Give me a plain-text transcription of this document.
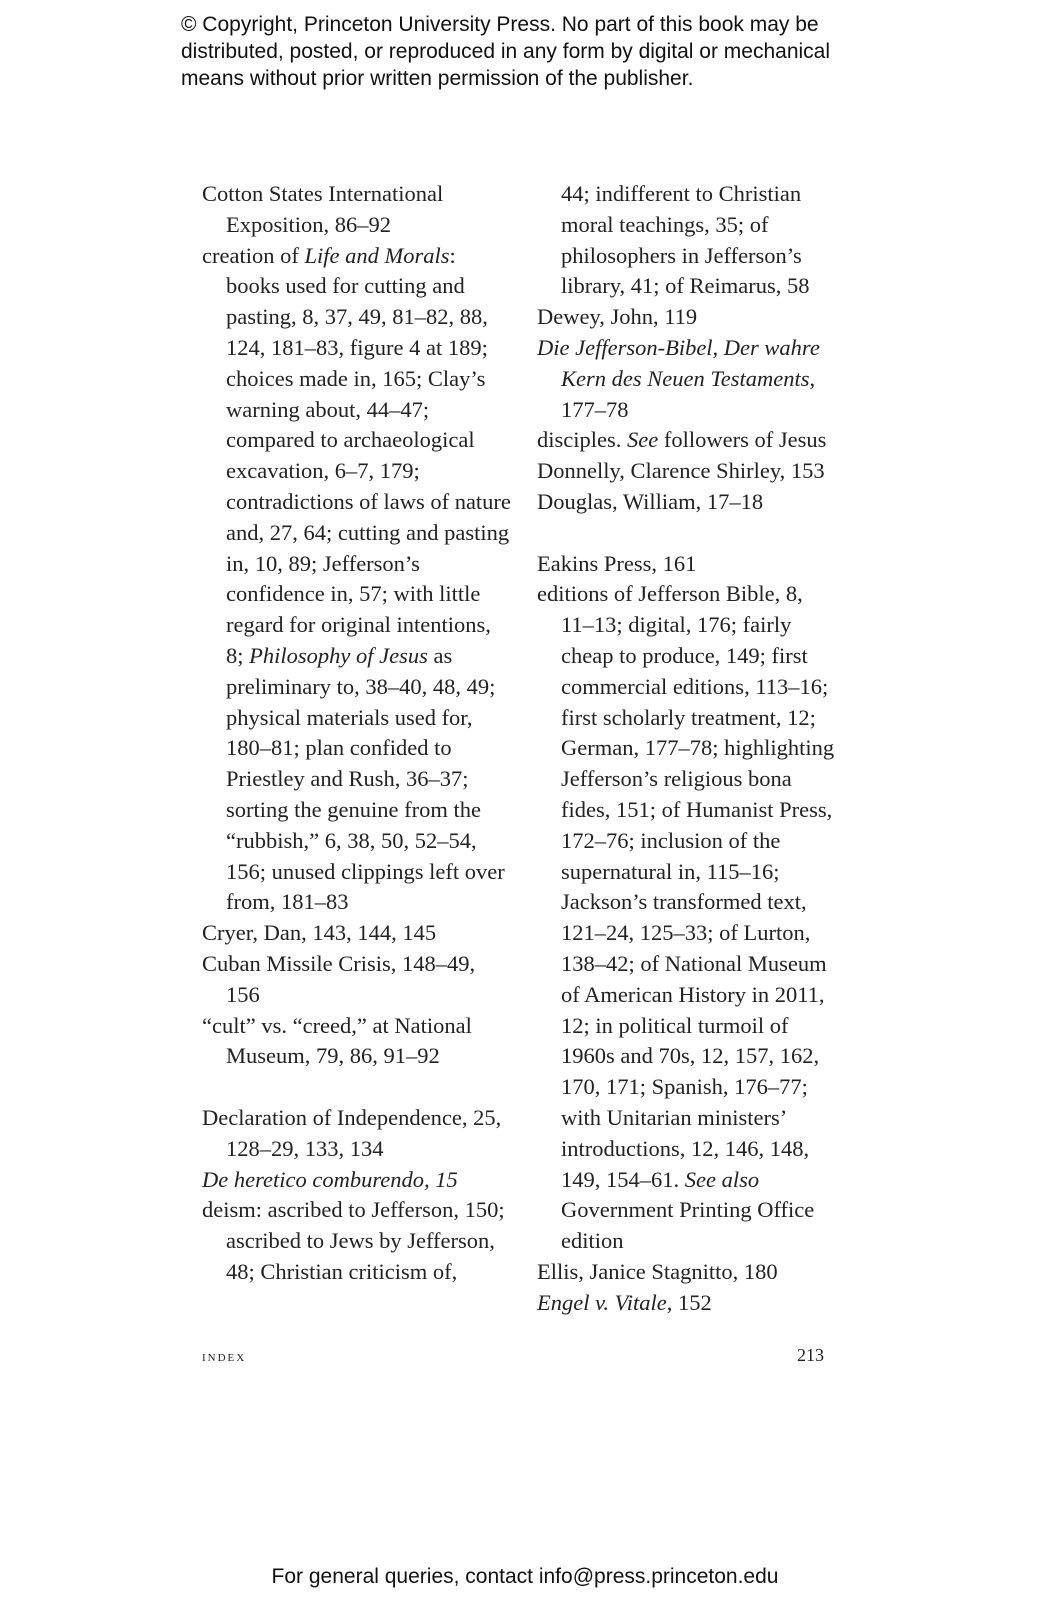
© Copyright, Princeton University Press. No part of this book may be
distributed, posted, or reproduced in any form by digital or mechanical
means without prior written permission of the publisher.
Cotton States International Exposition, 86–92
creation of Life and Morals: books used for cutting and pasting, 8, 37, 49, 81–82, 88, 124, 181–83, figure 4 at 189; choices made in, 165; Clay’s warning about, 44–47; compared to archaeological excavation, 6–7, 179; contradictions of laws of nature and, 27, 64; cutting and pasting in, 10, 89; Jefferson’s confidence in, 57; with little regard for original intentions, 8; Philosophy of Jesus as preliminary to, 38–40, 48, 49; physical materials used for, 180–81; plan confided to Priestley and Rush, 36–37; sorting the genuine from the “rubbish,” 6, 38, 50, 52–54, 156; unused clippings left over from, 181–83
Cryer, Dan, 143, 144, 145
Cuban Missile Crisis, 148–49, 156
“cult” vs. “creed,” at National Museum, 79, 86, 91–92
Declaration of Independence, 25, 128–29, 133, 134
De heretico comburendo, 15
deism: ascribed to Jefferson, 150; ascribed to Jews by Jefferson, 48; Christian criticism of,
44; indifferent to Christian moral teachings, 35; of philosophers in Jefferson’s library, 41; of Reimarus, 58
Dewey, John, 119
Die Jefferson-Bibel, Der wahre Kern des Neuen Testaments, 177–78
disciples. See followers of Jesus
Donnelly, Clarence Shirley, 153
Douglas, William, 17–18
Eakins Press, 161
editions of Jefferson Bible, 8, 11–13; digital, 176; fairly cheap to produce, 149; first commercial editions, 113–16; first scholarly treatment, 12; German, 177–78; highlighting Jefferson’s religious bona fides, 151; of Humanist Press, 172–76; inclusion of the supernatural in, 115–16; Jackson’s transformed text, 121–24, 125–33; of Lurton, 138–42; of National Museum of American History in 2011, 12; in political turmoil of 1960s and 70s, 12, 157, 162, 170, 171; Spanish, 176–77; with Unitarian ministers’ introductions, 12, 146, 148, 149, 154–61. See also Government Printing Office edition
Ellis, Janice Stagnitto, 180
Engel v. Vitale, 152
index	213
For general queries, contact info@press.princeton.edu
